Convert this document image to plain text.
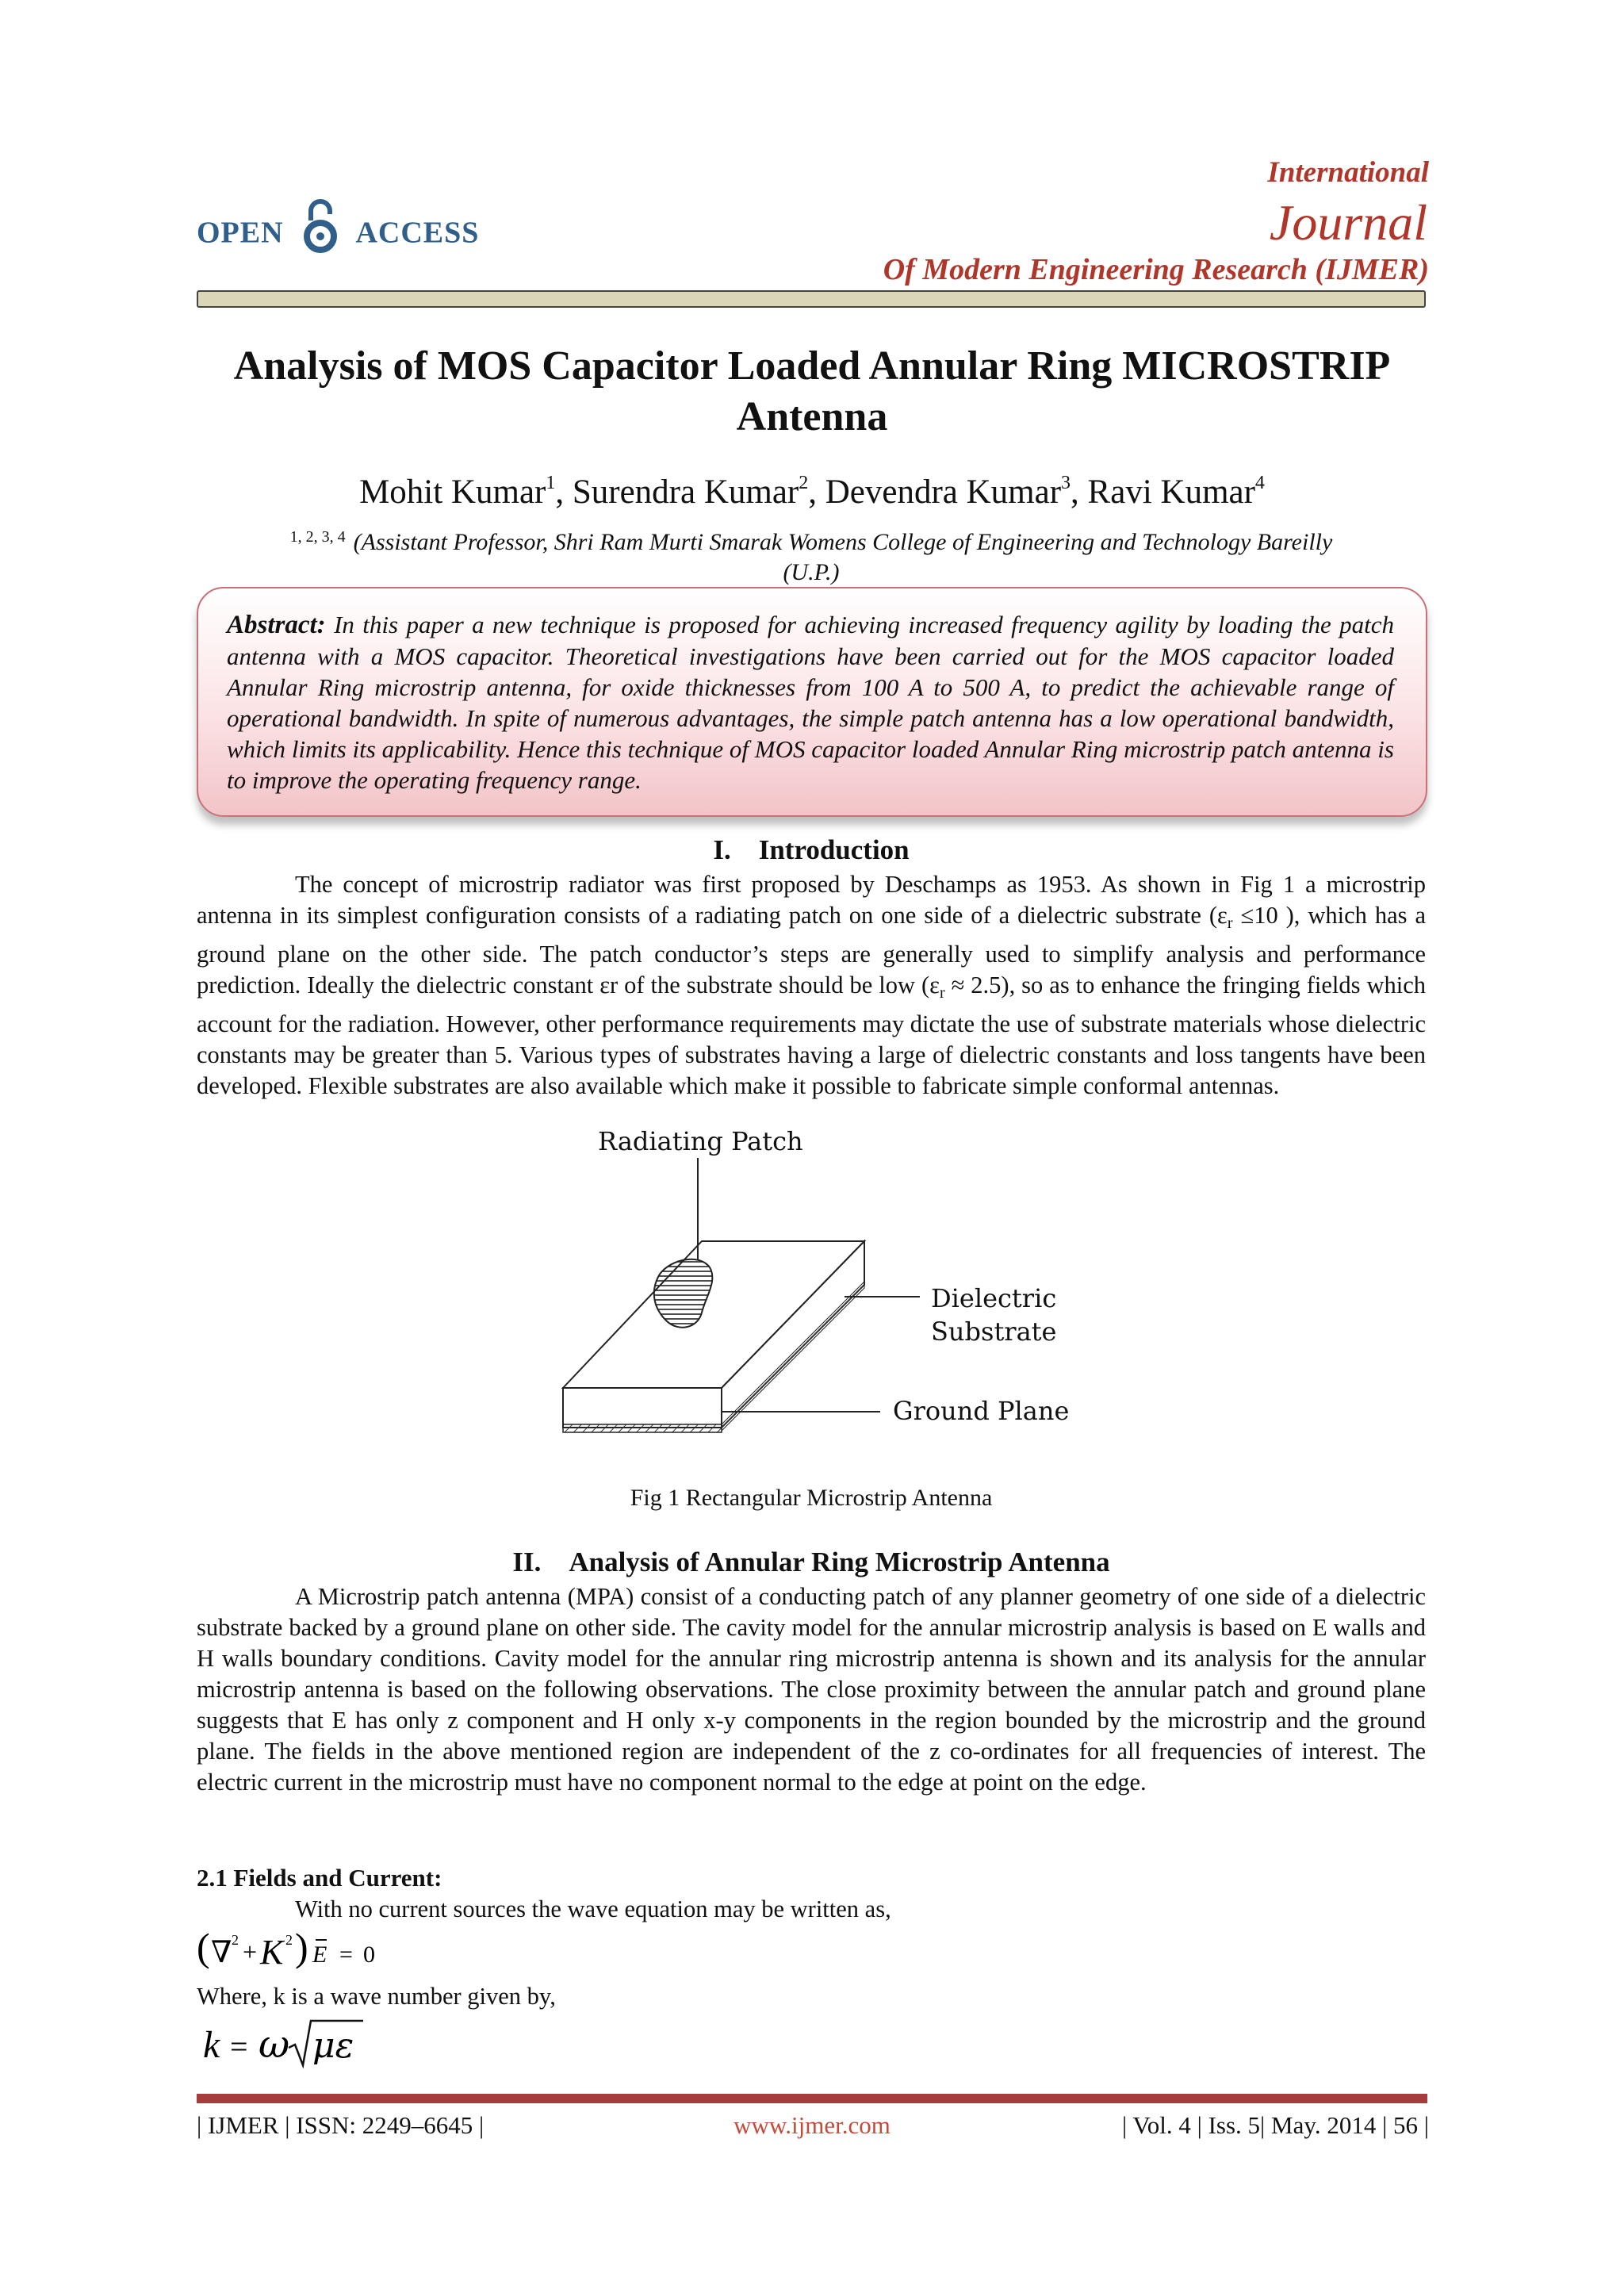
OPEN ACCESS
International
Journal
Of Modern Engineering Research (IJMER)
Analysis of MOS Capacitor Loaded Annular Ring MICROSTRIP
Antenna
Mohit Kumar$^1$, Surendra Kumar$^2$, Devendra Kumar$^3$, Ravi Kumar$^4$
$^{1, 2, 3, 4}$ (Assistant Professor, Shri Ram Murti Smarak Womens College of Engineering and Technology Bareilly
(U.P.)
Abstract: In this paper a new technique is proposed for achieving increased frequency agility by loading the patch antenna with a MOS capacitor. Theoretical investigations have been carried out for the MOS capacitor loaded Annular Ring microstrip antenna, for oxide thicknesses from 100 A to 500 A, to predict the achievable range of operational bandwidth. In spite of numerous advantages, the simple patch antenna has a low operational bandwidth, which limits its applicability. Hence this technique of MOS capacitor loaded Annular Ring microstrip patch antenna is to improve the operating frequency range.
I. Introduction
The concept of microstrip radiator was first proposed by Deschamps as 1953. As shown in Fig 1 a microstrip antenna in its simplest configuration consists of a radiating patch on one side of a dielectric substrate ($\varepsilon_r \le 10$ ), which has a ground plane on the other side. The patch conductor’s steps are generally used to simplify analysis and performance prediction. Ideally the dielectric constant εr of the substrate should be low $(\varepsilon_r \approx 2.5)$, so as to enhance the fringing fields which account for the radiation. However, other performance requirements may dictate the use of substrate materials whose dielectric constants may be greater than 5. Various types of substrates having a large of dielectric constants and loss tangents have been developed. Flexible substrates are also available which make it possible to fabricate simple conformal antennas.
Radiating Patch
Dielectric
Substrate
Ground Plane
Fig 1 Rectangular Microstrip Antenna
II. Analysis of Annular Ring Microstrip Antenna
A Microstrip patch antenna (MPA) consist of a conducting patch of any planner geometry of one side of a dielectric substrate backed by a ground plane on other side. The cavity model for the annular microstrip analysis is based on E walls and H walls boundary conditions. Cavity model for the annular ring microstrip antenna is shown and its analysis for the annular microstrip antenna is based on the following observations. The close proximity between the annular patch and ground plane suggests that E has only z component and H only x-y components in the region bounded by the microstrip and the ground plane. The fields in the above mentioned region are independent of the z co-ordinates for all frequencies of interest. The electric current in the microstrip must have no component normal to the edge at point on the edge.
2.1 Fields and Current:
With no current sources the wave equation may be written as,
( ∇ 2 + K 2 ) E = 0
Where, k is a wave number given by,
k = ω με
| IJMER | ISSN: 2249–6645 |	www.ijmer.com	| Vol. 4 | Iss. 5| May. 2014 | 56 |
